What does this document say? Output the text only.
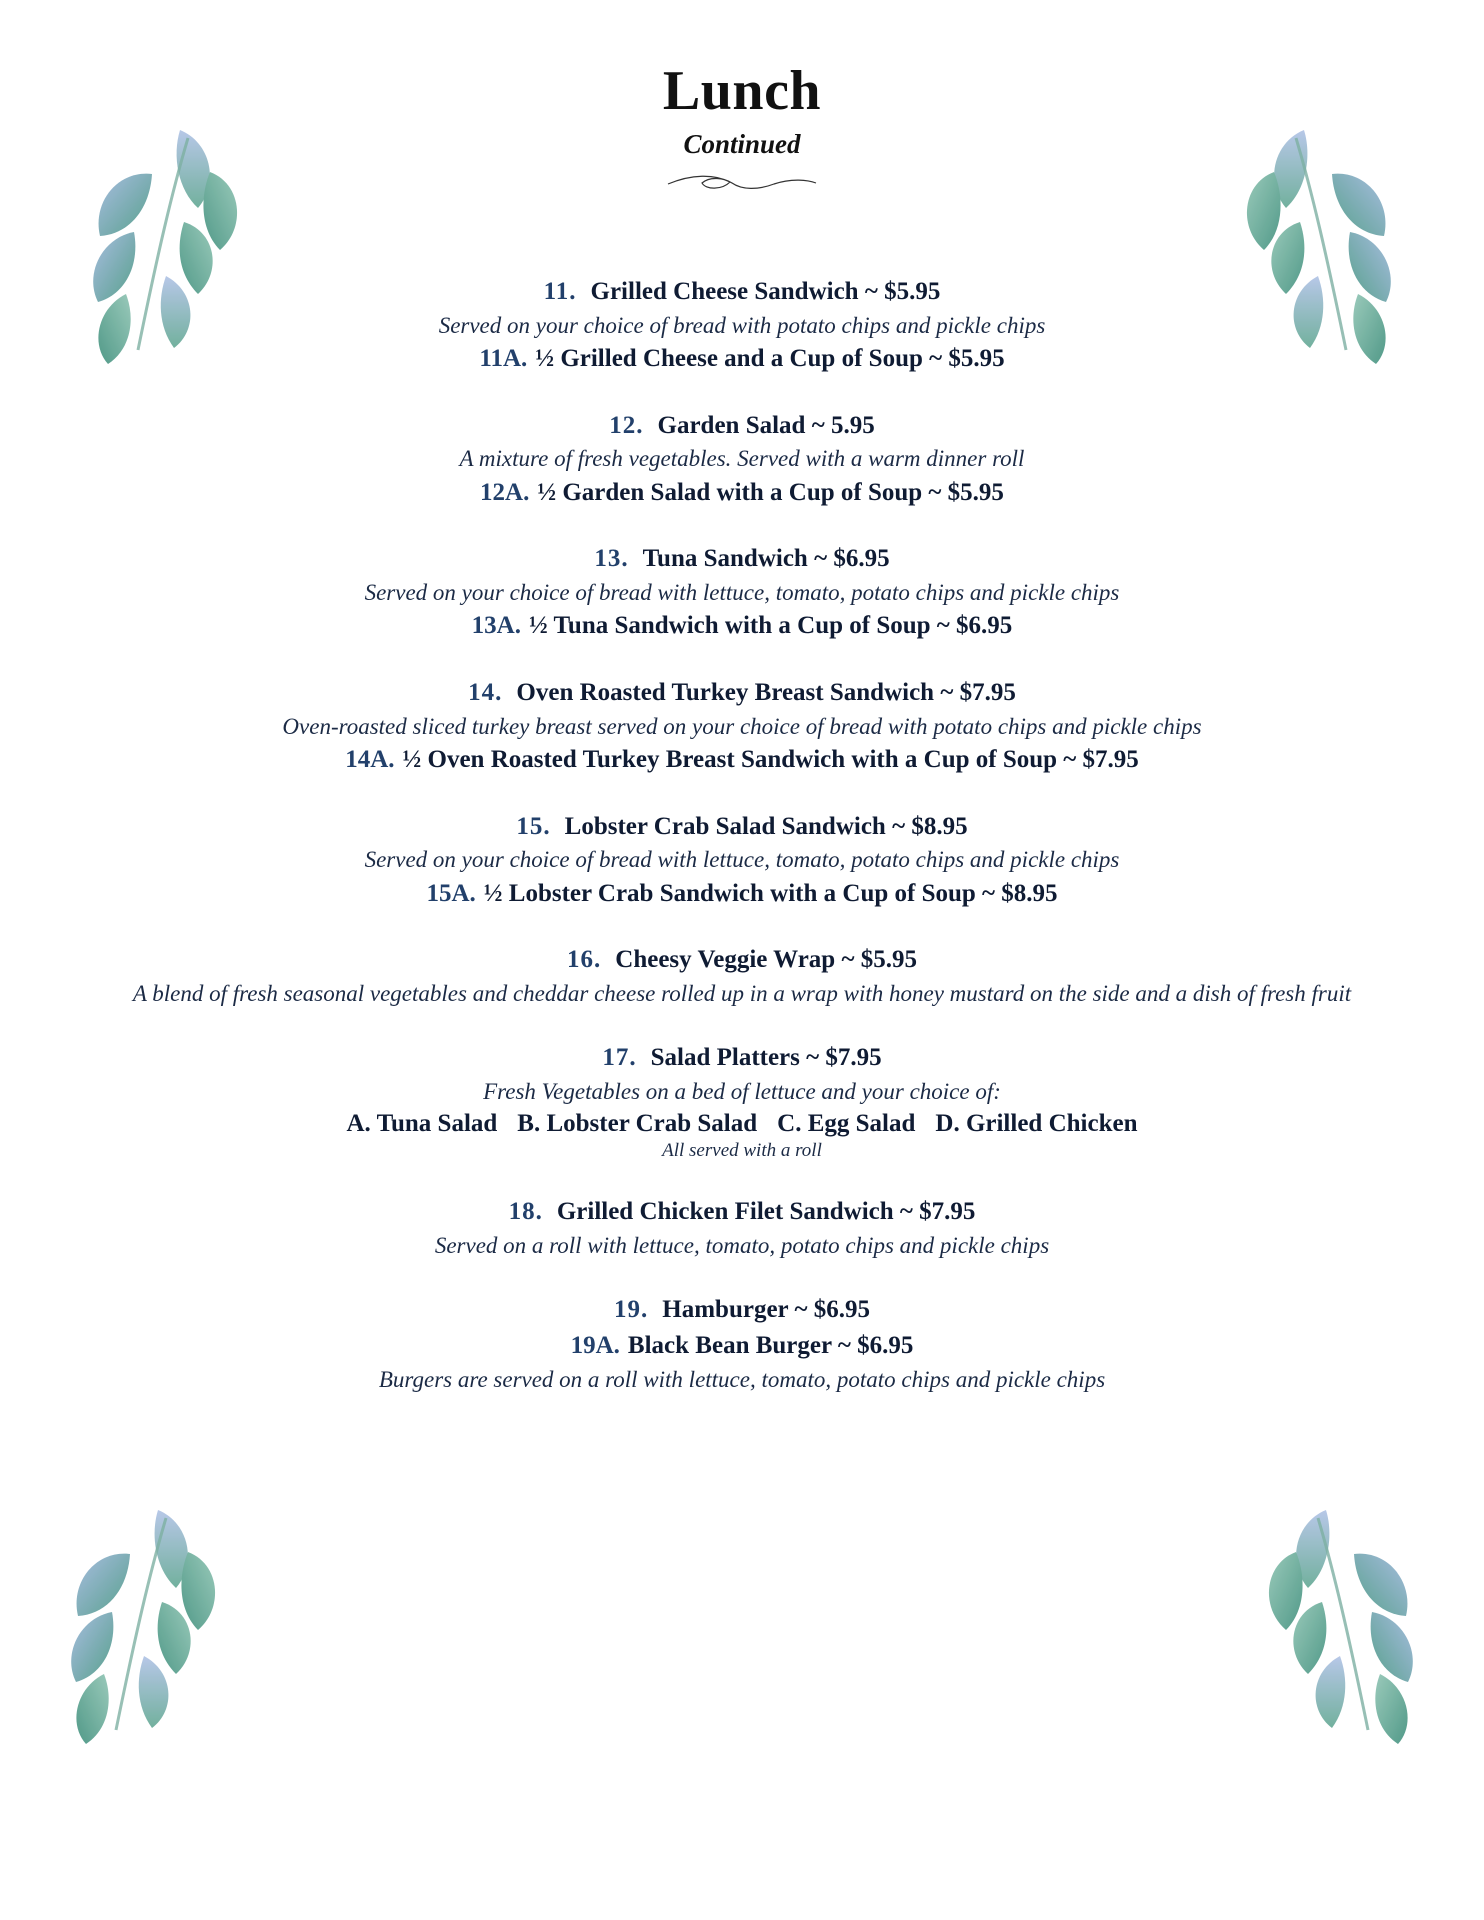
Lunch
Continued
11. Grilled Cheese Sandwich ~ $5.95
Served on your choice of bread with potato chips and pickle chips
11A. ½ Grilled Cheese and a Cup of Soup ~ $5.95
12. Garden Salad ~ 5.95
A mixture of fresh vegetables. Served with a warm dinner roll
12A. ½ Garden Salad with a Cup of Soup ~ $5.95
13. Tuna Sandwich ~ $6.95
Served on your choice of bread with lettuce, tomato, potato chips and pickle chips
13A. ½ Tuna Sandwich with a Cup of Soup ~ $6.95
14. Oven Roasted Turkey Breast Sandwich ~ $7.95
Oven-roasted sliced turkey breast served on your choice of bread with potato chips and pickle chips
14A. ½ Oven Roasted Turkey Breast Sandwich with a Cup of Soup ~ $7.95
15. Lobster Crab Salad Sandwich ~ $8.95
Served on your choice of bread with lettuce, tomato, potato chips and pickle chips
15A. ½ Lobster Crab Sandwich with a Cup of Soup ~ $8.95
16. Cheesy Veggie Wrap ~ $5.95
A blend of fresh seasonal vegetables and cheddar cheese rolled up in a wrap with honey mustard on the side and a dish of fresh fruit
17. Salad Platters ~ $7.95
Fresh Vegetables on a bed of lettuce and your choice of:
A. Tuna Salad B. Lobster Crab Salad C. Egg Salad D. Grilled Chicken
All served with a roll
18. Grilled Chicken Filet Sandwich ~ $7.95
Served on a roll with lettuce, tomato, potato chips and pickle chips
19. Hamburger ~ $6.95
19A. Black Bean Burger ~ $6.95
Burgers are served on a roll with lettuce, tomato, potato chips and pickle chips
